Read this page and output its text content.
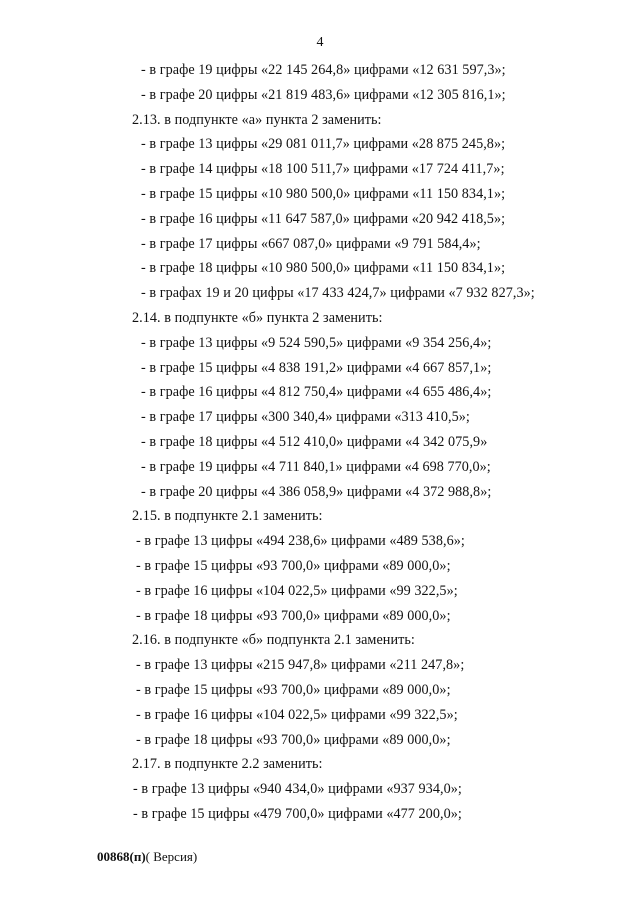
4
- в графе 19 цифры «22 145 264,8» цифрами «12 631 597,3»;
- в графе 20 цифры «21 819 483,6» цифрами «12 305 816,1»;
2.13. в подпункте «а» пункта 2 заменить:
- в графе 13 цифры «29 081 011,7» цифрами «28 875 245,8»;
- в графе 14 цифры «18 100 511,7» цифрами «17 724 411,7»;
- в графе 15 цифры «10 980 500,0» цифрами «11 150 834,1»;
- в графе 16 цифры «11 647 587,0» цифрами «20 942 418,5»;
- в графе 17 цифры «667 087,0» цифрами «9 791 584,4»;
- в графе 18 цифры «10 980 500,0» цифрами «11 150 834,1»;
- в графах 19 и 20 цифры «17 433 424,7» цифрами «7 932 827,3»;
2.14. в подпункте «б» пункта 2 заменить:
- в графе 13 цифры «9 524 590,5» цифрами «9 354 256,4»;
- в графе 15 цифры «4 838 191,2» цифрами «4 667 857,1»;
- в графе 16 цифры «4 812 750,4» цифрами «4 655 486,4»;
- в графе 17 цифры «300 340,4» цифрами «313 410,5»;
- в графе 18 цифры «4 512 410,0» цифрами «4 342 075,9»
- в графе 19 цифры «4 711 840,1» цифрами «4 698 770,0»;
- в графе 20 цифры «4 386 058,9» цифрами «4 372 988,8»;
2.15. в подпункте 2.1 заменить:
- в графе 13 цифры «494 238,6» цифрами «489 538,6»;
- в графе 15 цифры «93 700,0» цифрами «89 000,0»;
- в графе 16 цифры «104 022,5» цифрами «99 322,5»;
- в графе 18 цифры «93 700,0» цифрами «89 000,0»;
2.16. в подпункте «б» подпункта 2.1 заменить:
- в графе 13 цифры «215 947,8» цифрами «211 247,8»;
- в графе 15 цифры «93 700,0» цифрами «89 000,0»;
- в графе 16 цифры «104 022,5» цифрами «99 322,5»;
- в графе 18 цифры «93 700,0» цифрами «89 000,0»;
2.17. в подпункте 2.2 заменить:
- в графе 13 цифры «940 434,0» цифрами «937 934,0»;
- в графе 15 цифры «479 700,0» цифрами «477 200,0»;
00868(п)( Версия)
